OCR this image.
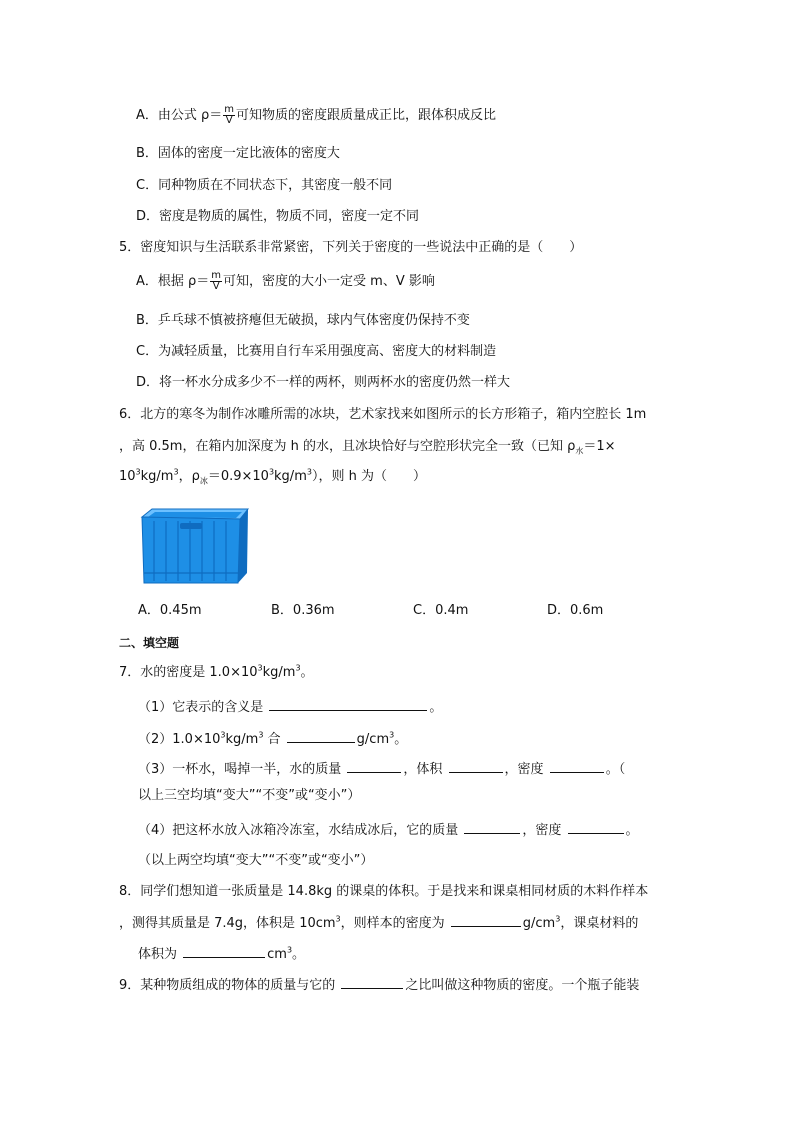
A．由公式 $\rho= \frac{m}{V}$ 可知物质的密度跟质量成正比，跟体积成反比
B．固体的密度一定比液体的密度大
C．同种物质在不同状态下，其密度一般不同
D．密度是物质的属性，物质不同，密度一定不同
5．密度知识与生活联系非常紧密，下列关于密度的一些说法中正确的是（　　）
A．根据 $\rho= \frac{m}{V}$ 可知，密度的大小一定受 m、V 影响
B．乒乓球不慎被挤瘪但无破损，球内气体密度仍保持不变
C．为减轻质量，比赛用自行车采用强度高、密度大的材料制造
D．将一杯水分成多少不一样的两杯，则两杯水的密度仍然一样大
6．北方的寒冬为制作冰雕所需的冰块，艺术家找来如图所示的长方形箱子，箱内空腔长 1m
，高 0.5m，在箱内加深度为 h 的水，且冰块恰好与空腔形状完全一致（已知 $\rho_水=1\times$
$10^3kg/m^3$，$\rho_冰=0.9\times 10^3kg/m^3$），则 h 为（　　）
A．0.45m	B．0.36m	C．0.4m	D．0.6m
二、填空题
7．水的密度是 $1.0\times 10^3kg/m^3$。
（1）它表示的含义是	。
$(2)1.0\times 10^3kg/m^3$ 合	$g/cm^3$。
（3）一杯水，喝掉一半，水的质量	，体积	，密度	。（
以上三空均填“变大”“不变”或“变小”）
（4）把这杯水放入冰箱冷冻室，水结成冰后，它的质量	，密度	。
（以上两空均填“变大”“不变”或“变小”）
8．同学们想知道一张质量是 14.8kg 的课桌的体积。于是找来和课桌相同材质的木料作样本
，测得其质量是 7.4g，体积是 $10cm^3$，则样本的密度为	$g/cm^3$，课桌材料的
体积为	$cm^3$。
9．某种物质组成的物体的质量与它的	之比叫做这种物质的密度。一个瓶子能装
